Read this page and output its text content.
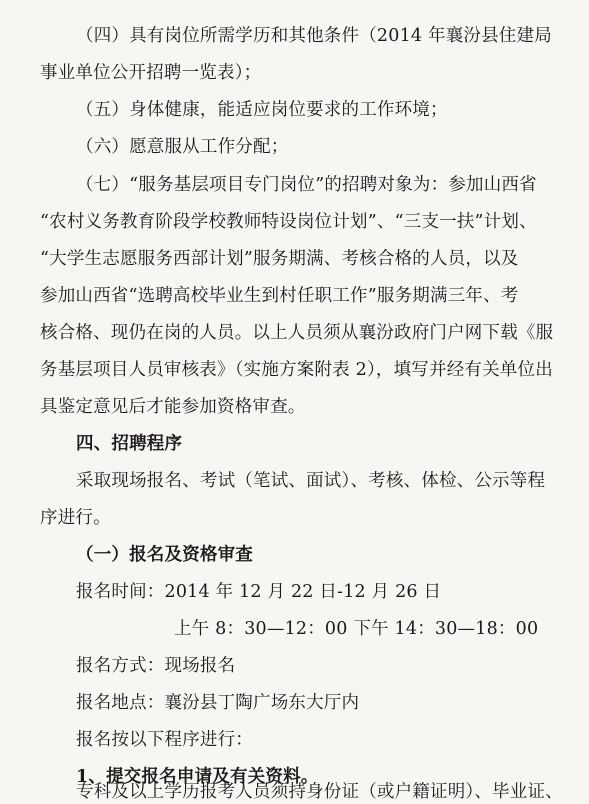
（四）具有岗位所需学历和其他条件（2014 年襄汾县住建局
事业单位公开招聘一览表）；
（五）身体健康，能适应岗位要求的工作环境；
（六）愿意服从工作分配；
（七）“服务基层项目专门岗位”的招聘对象为：参加山西省
“农村义务教育阶段学校教师特设岗位计划”、“三支一扶”计划、
“大学生志愿服务西部计划”服务期满、考核合格的人员，以及
参加山西省“选聘高校毕业生到村任职工作”服务期满三年、考
核合格、现仍在岗的人员。以上人员须从襄汾政府门户网下载《服
务基层项目人员审核表》（实施方案附表 2），填写并经有关单位出
具鉴定意见后才能参加资格审查。
四、招聘程序
采取现场报名、考试（笔试、面试）、考核、体检、公示等程
序进行。
（一）报名及资格审查
报名时间：2014 年 12 月 22 日-12 月 26 日
上午 8：30—12：00 下午 14：30—18：00
报名方式：现场报名
报名地点：襄汾县丁陶广场东大厅内
报名按以下程序进行：
1、提交报名申请及有关资料。
专科及以上学历报考人员须持身份证（或户籍证明）、毕业证、
